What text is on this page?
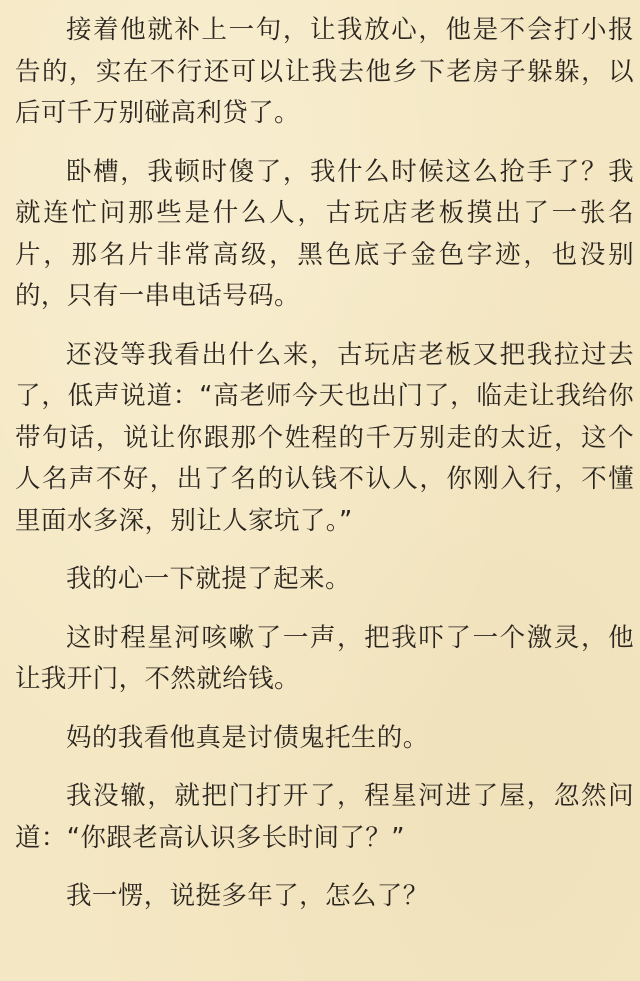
接着他就补上一句，让我放心，他是不会打小报告的，实在不行还可以让我去他乡下老房子躲躲，以后可千万别碰高利贷了。

卧槽，我顿时傻了，我什么时候这么抢手了？我就连忙问那些是什么人，古玩店老板摸出了一张名片，那名片非常高级，黑色底子金色字迹，也没别的，只有一串电话号码。

还没等我看出什么来，古玩店老板又把我拉过去了，低声说道：“高老师今天也出门了，临走让我给你带句话，说让你跟那个姓程的千万别走的太近，这个人名声不好，出了名的认钱不认人，你刚入行，不懂里面水多深，别让人家坑了。”

我的心一下就提了起来。

这时程星河咳嗽了一声，把我吓了一个激灵，他让我开门，不然就给钱。

妈的我看他真是讨债鬼托生的。

我没辙，就把门打开了，程星河进了屋，忽然问道：“你跟老高认识多长时间了？”

我一愣，说挺多年了，怎么了？
